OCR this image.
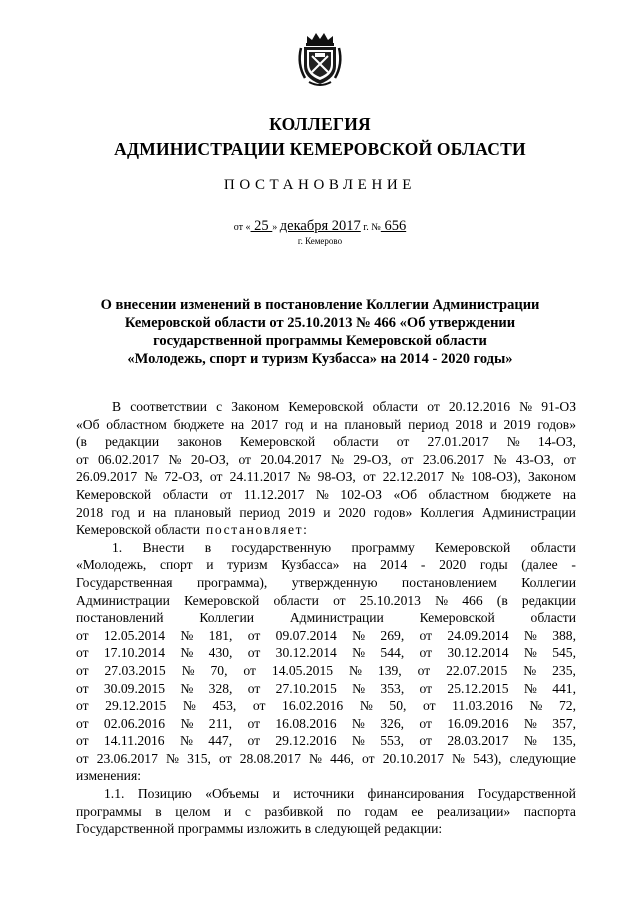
КОЛЛЕГИЯ
АДМИНИСТРАЦИИ КЕМЕРОВСКОЙ ОБЛАСТИ
ПОСТАНОВЛЕНИЕ
от « 25 » декабря 2017 г. № 656
г. Кемерово
О внесении изменений в постановление Коллегии Администрации
Кемеровской области от 25.10.2013 № 466 «Об утверждении
государственной программы Кемеровской области
«Молодежь, спорт и туризм Кузбасса» на 2014 - 2020 годы»
В соответствии с Законом Кемеровской области от 20.12.2016 № 91-ОЗ
«Об областном бюджете на 2017 год и на плановый период 2018 и 2019 годов»
(в редакции законов Кемеровской области от 27.01.2017 № 14-ОЗ,
от 06.02.2017 № 20-ОЗ, от 20.04.2017 № 29-ОЗ, от 23.06.2017 № 43-ОЗ, от
26.09.2017 № 72-ОЗ, от 24.11.2017 № 98-ОЗ, от 22.12.2017 № 108-ОЗ), Законом
Кемеровской области от 11.12.2017 № 102-ОЗ «Об областном бюджете на
2018 год и на плановый период 2019 и 2020 годов» Коллегия Администрации
Кемеровской области постановляет :
1. Внести в государственную программу Кемеровской области
«Молодежь, спорт и туризм Кузбасса» на 2014 - 2020 годы (далее -
Государственная программа), утвержденную постановлением Коллегии
Администрации Кемеровской области от 25.10.2013 № 466 (в редакции
постановлений	Коллегии	Администрации	Кемеровской	области
от 12.05.2014 № 181, от 09.07.2014 № 269, от 24.09.2014 № 388,
от 17.10.2014 № 430, от 30.12.2014 № 544, от 30.12.2014 № 545,
от 27.03.2015 № 70, от 14.05.2015 № 139, от 22.07.2015 № 235,
от 30.09.2015 № 328, от 27.10.2015 № 353, от 25.12.2015 № 441,
от 29.12.2015 № 453, от 16.02.2016 № 50, от 11.03.2016 № 72,
от 02.06.2016 № 211, от 16.08.2016 № 326, от 16.09.2016 № 357,
от 14.11.2016 № 447, от 29.12.2016 № 553, от 28.03.2017 № 135,
от 23.06.2017 № 315, от 28.08.2017 № 446, от 20.10.2017 № 543), следующие
изменения:
1.1. Позицию «Объемы и источники финансирования Государственной
программы в целом и с разбивкой по годам ее реализации» паспорта
Государственной программы изложить в следующей редакции:
